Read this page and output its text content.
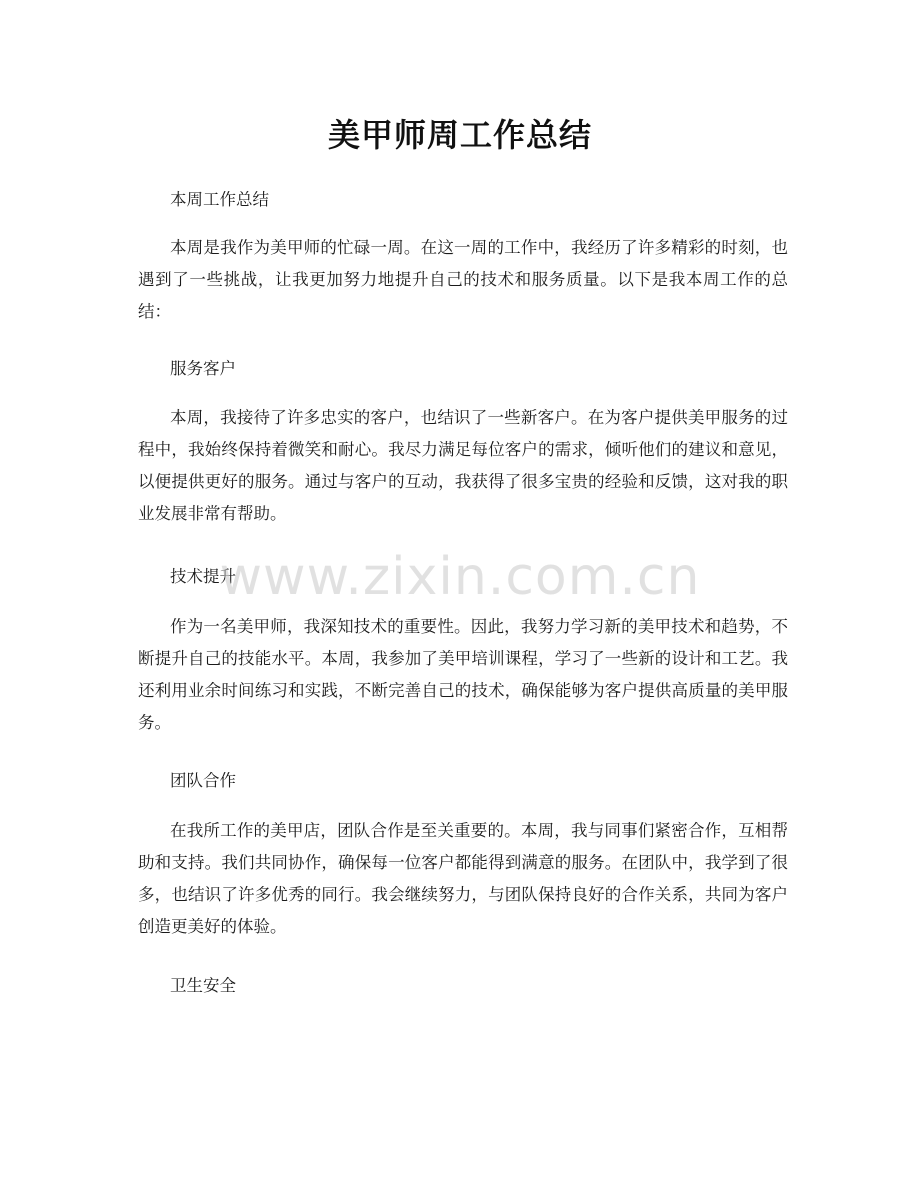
美甲师周工作总结

本周工作总结

本周是我作为美甲师的忙碌一周。在这一周的工作中，我经历了许多精彩的时刻，也遇到了一些挑战，让我更加努力地提升自己的技术和服务质量。以下是我本周工作的总结：

服务客户

本周，我接待了许多忠实的客户，也结识了一些新客户。在为客户提供美甲服务的过程中，我始终保持着微笑和耐心。我尽力满足每位客户的需求，倾听他们的建议和意见，以便提供更好的服务。通过与客户的互动，我获得了很多宝贵的经验和反馈，这对我的职业发展非常有帮助。

技术提升

作为一名美甲师，我深知技术的重要性。因此，我努力学习新的美甲技术和趋势，不断提升自己的技能水平。本周，我参加了美甲培训课程，学习了一些新的设计和工艺。我还利用业余时间练习和实践，不断完善自己的技术，确保能够为客户提供高质量的美甲服务。

团队合作

在我所工作的美甲店，团队合作是至关重要的。本周，我与同事们紧密合作，互相帮助和支持。我们共同协作，确保每一位客户都能得到满意的服务。在团队中，我学到了很多，也结识了许多优秀的同行。我会继续努力，与团队保持良好的合作关系，共同为客户创造更美好的体验。

卫生安全

www.zixin.com.cn
